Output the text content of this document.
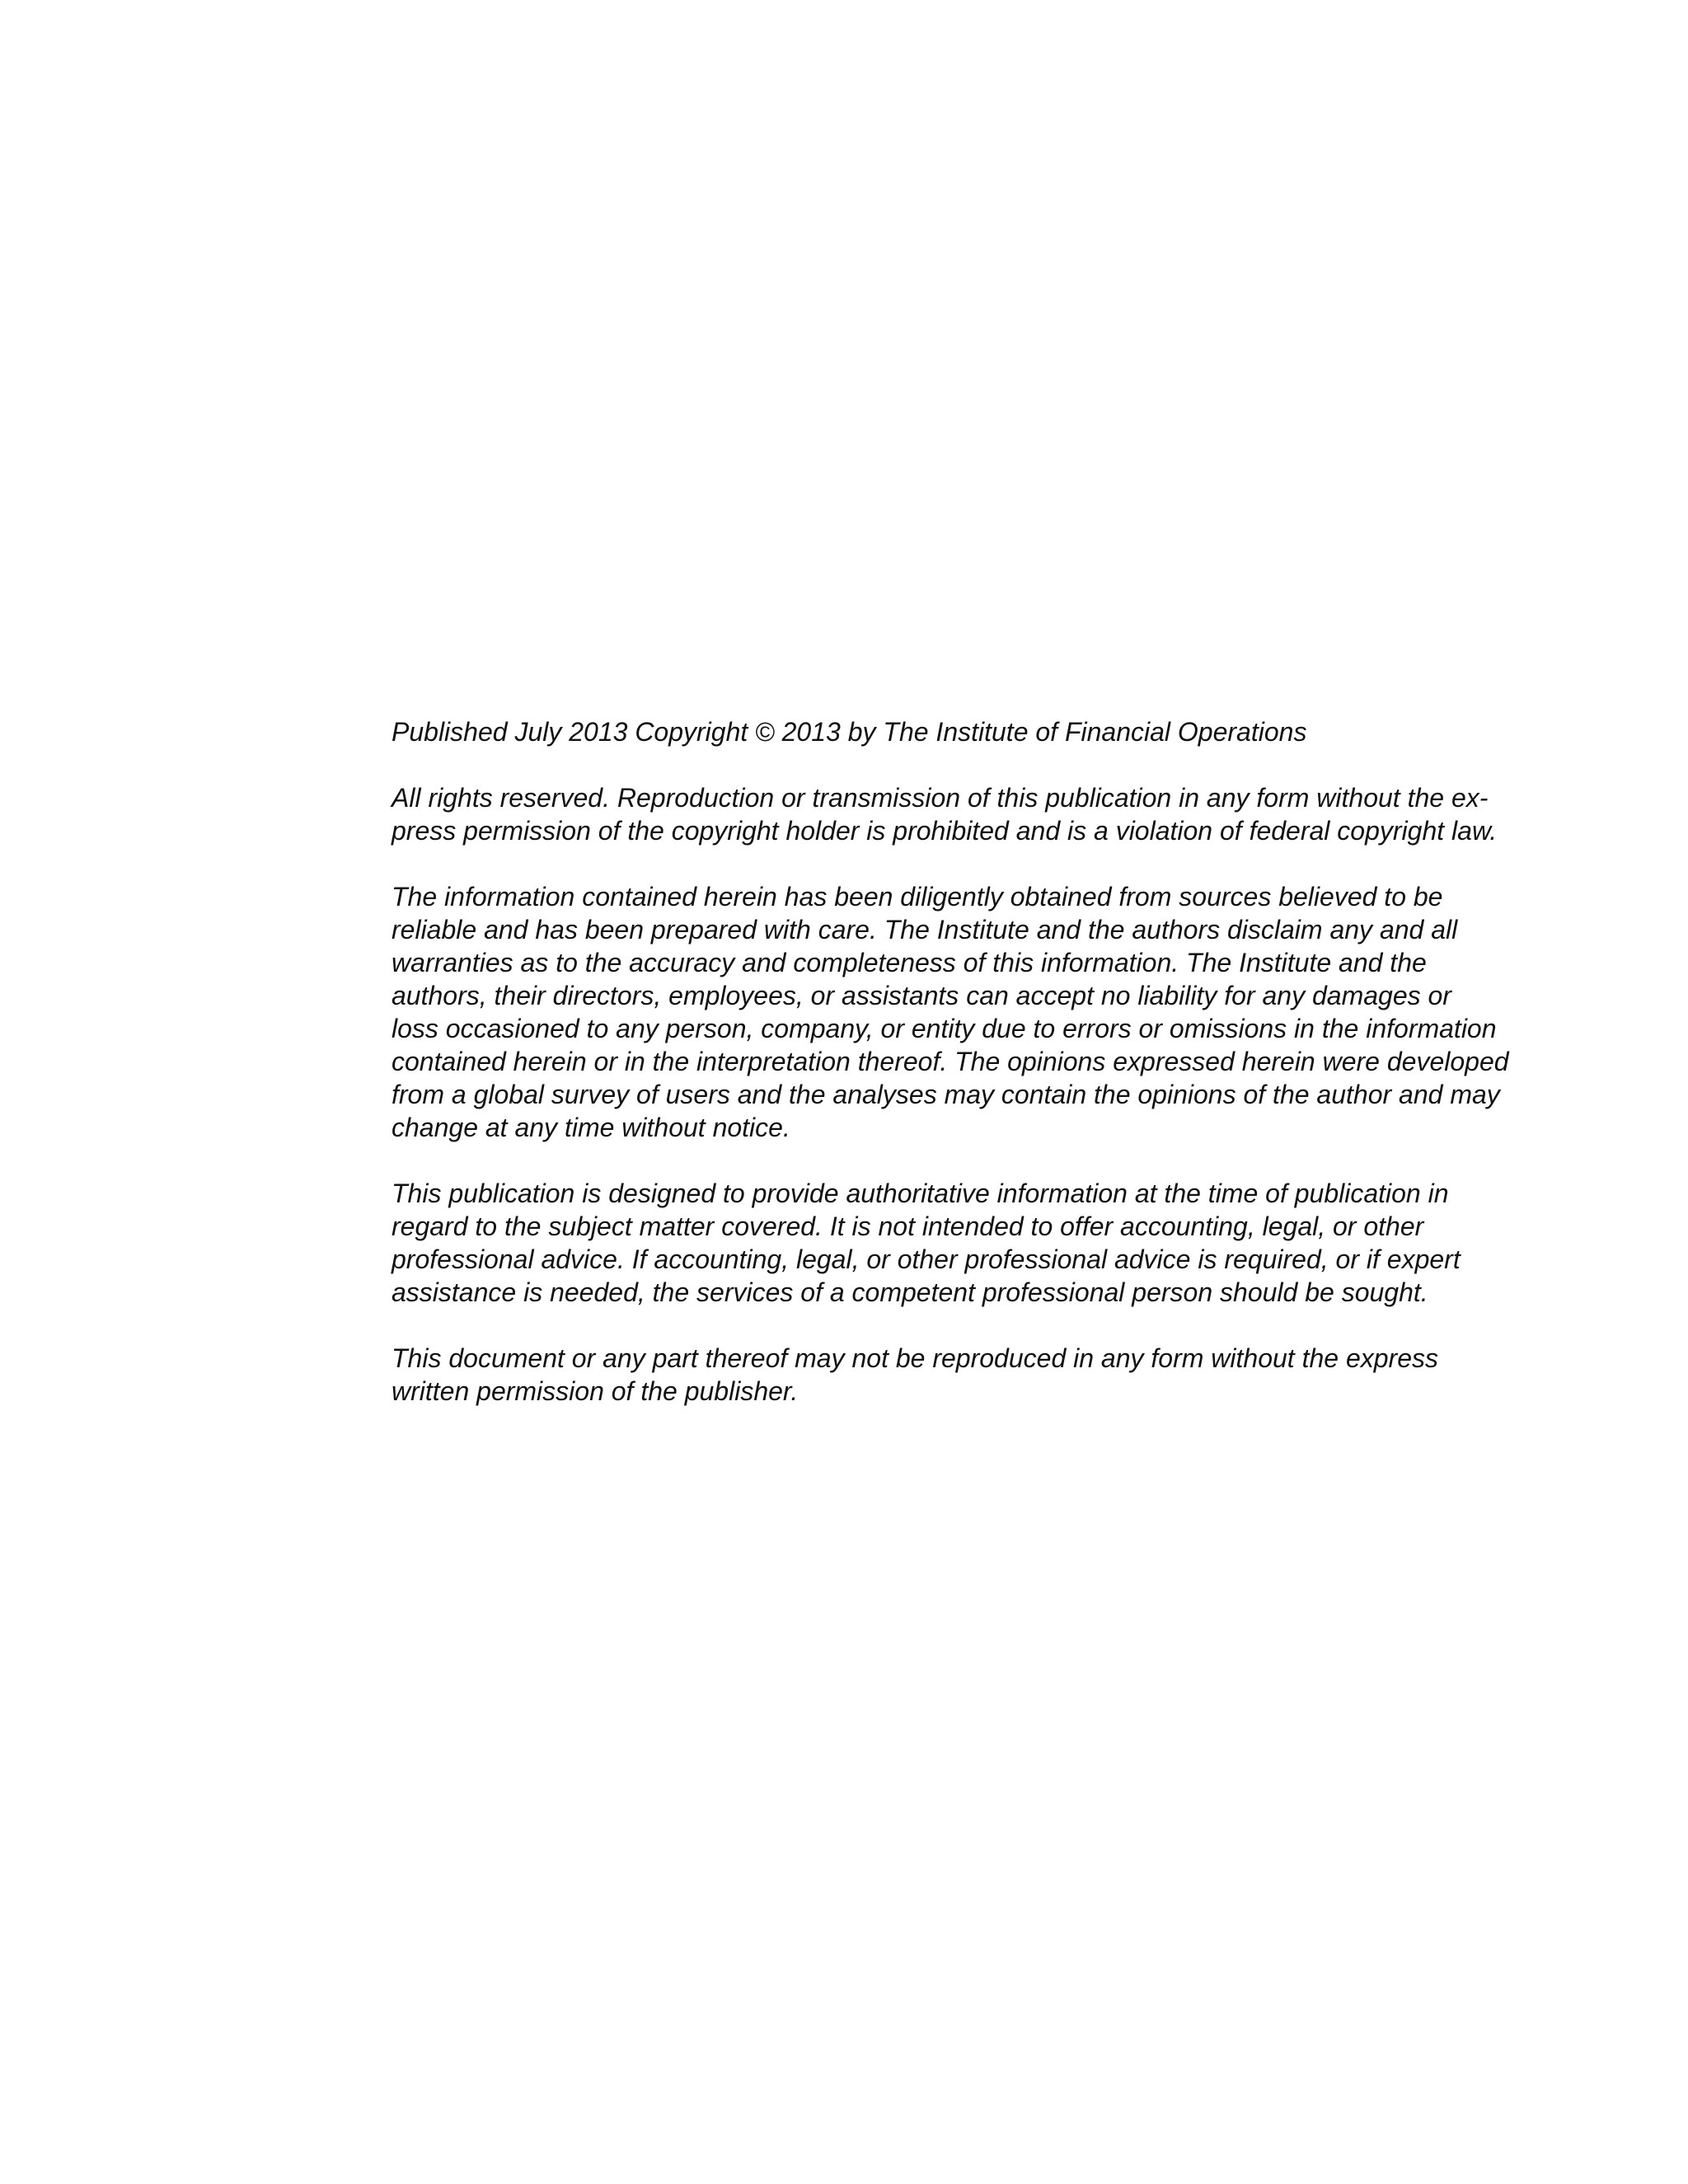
Published July 2013 Copyright © 2013 by The Institute of Financial Operations

All rights reserved. Reproduction or transmission of this publication in any form without the ex-
press permission of the copyright holder is prohibited and is a violation of federal copyright law.

The information contained herein has been diligently obtained from sources believed to be
reliable and has been prepared with care. The Institute and the authors disclaim any and all
warranties as to the accuracy and completeness of this information. The Institute and the
authors, their directors, employees, or assistants can accept no liability for any damages or
loss occasioned to any person, company, or entity due to errors or omissions in the information
contained herein or in the interpretation thereof. The opinions expressed herein were developed
from a global survey of users and the analyses may contain the opinions of the author and may
change at any time without notice.

This publication is designed to provide authoritative information at the time of publication in
regard to the subject matter covered. It is not intended to offer accounting, legal, or other
professional advice. If accounting, legal, or other professional advice is required, or if expert
assistance is needed, the services of a competent professional person should be sought.

This document or any part thereof may not be reproduced in any form without the express
written permission of the publisher.
